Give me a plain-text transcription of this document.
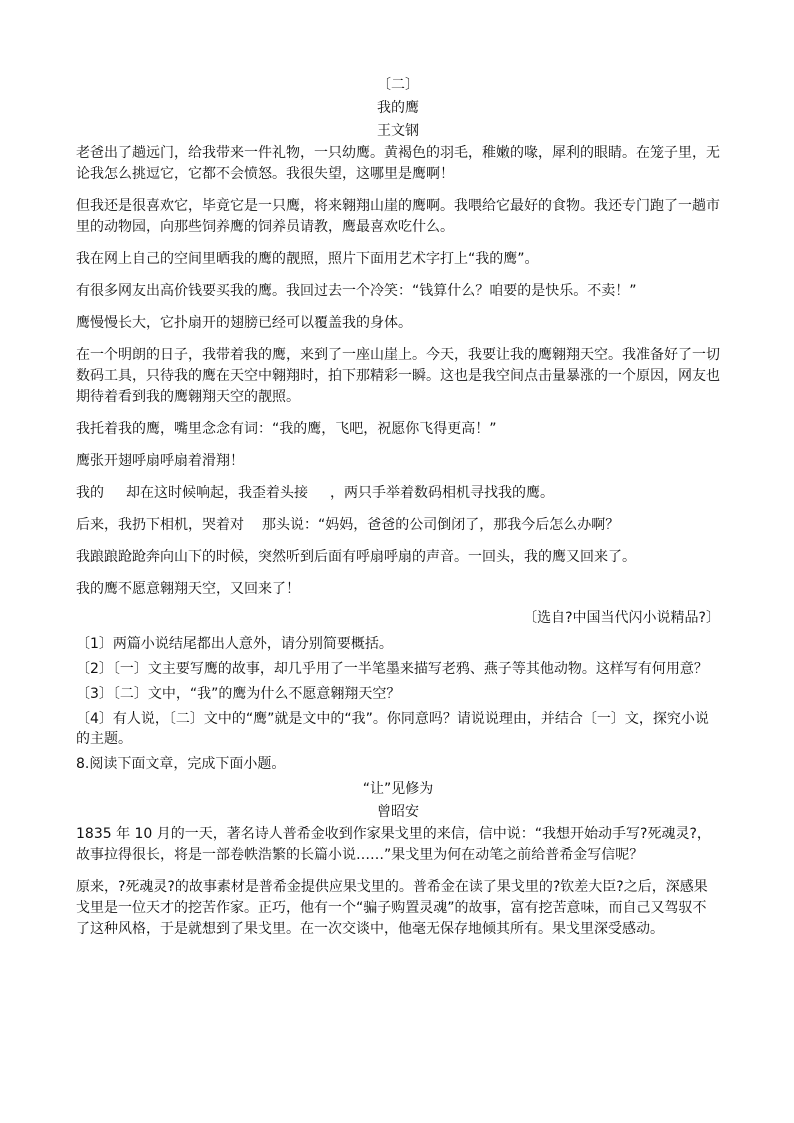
〔二〕
我的鹰
王文钢

老爸出了趟远门，给我带来一件礼物，一只幼鹰。黄褐色的羽毛，稚嫩的喙，犀利的眼睛。在笼子里，无论我怎么挑逗它，它都不会愤怒。我很失望，这哪里是鹰啊！

但我还是很喜欢它，毕竟它是一只鹰，将来翱翔山崖的鹰啊。我喂给它最好的食物。我还专门跑了一趟市里的动物园，向那些饲养鹰的饲养员请教，鹰最喜欢吃什么。

我在网上自己的空间里晒我的鹰的靓照，照片下面用艺术字打上“我的鹰”。

有很多网友出高价钱要买我的鹰。我回过去一个冷笑：“钱算什么？咱要的是快乐。不卖！”

鹰慢慢长大，它扑扇开的翅膀已经可以覆盖我的身体。

在一个明朗的日子，我带着我的鹰，来到了一座山崖上。今天，我要让我的鹰翱翔天空。我准备好了一切数码工具，只待我的鹰在天空中翱翔时，拍下那精彩一瞬。这也是我空间点击量暴涨的一个原因，网友也期待着看到我的鹰翱翔天空的靓照。

我托着我的鹰，嘴里念念有词：“我的鹰，飞吧，祝愿你飞得更高！”

鹰张开翅呼扇呼扇着滑翔！

我的 却在这时候响起，我歪着头接 ，两只手举着数码相机寻找我的鹰。

后来，我扔下相机，哭着对 那头说：“妈妈，爸爸的公司倒闭了，那我今后怎么办啊？

我踉踉跄跄奔向山下的时候，突然听到后面有呼扇呼扇的声音。一回头，我的鹰又回来了。

我的鹰不愿意翱翔天空，又回来了！

〔选自?中国当代闪小说精品?〕

〔1〕两篇小说结尾都出人意外，请分别简要概括。

〔2〕〔一〕文主要写鹰的故事，却几乎用了一半笔墨来描写老鸦、燕子等其他动物。这样写有何用意？

〔3〕〔二〕文中，“我”的鹰为什么不愿意翱翔天空？

〔4〕有人说，〔二〕文中的“鹰”就是文中的“我”。你同意吗？请说说理由，并结合〔一〕文，探究小说的主题。

8.阅读下面文章，完成下面小题。

“让”见修为
曾昭安

1835 年 10 月的一天，著名诗人普希金收到作家果戈里的来信，信中说：“我想开始动手写?死魂灵?，故事拉得很长，将是一部卷帙浩繁的长篇小说……”果戈里为何在动笔之前给普希金写信呢？

原来，?死魂灵?的故事素材是普希金提供应果戈里的。普希金在读了果戈里的?钦差大臣?之后，深感果戈里是一位天才的挖苦作家。正巧，他有一个“骗子购置灵魂”的故事，富有挖苦意味，而自己又驾驭不了这种风格，于是就想到了果戈里。在一次交谈中，他毫无保存地倾其所有。果戈里深受感动。
